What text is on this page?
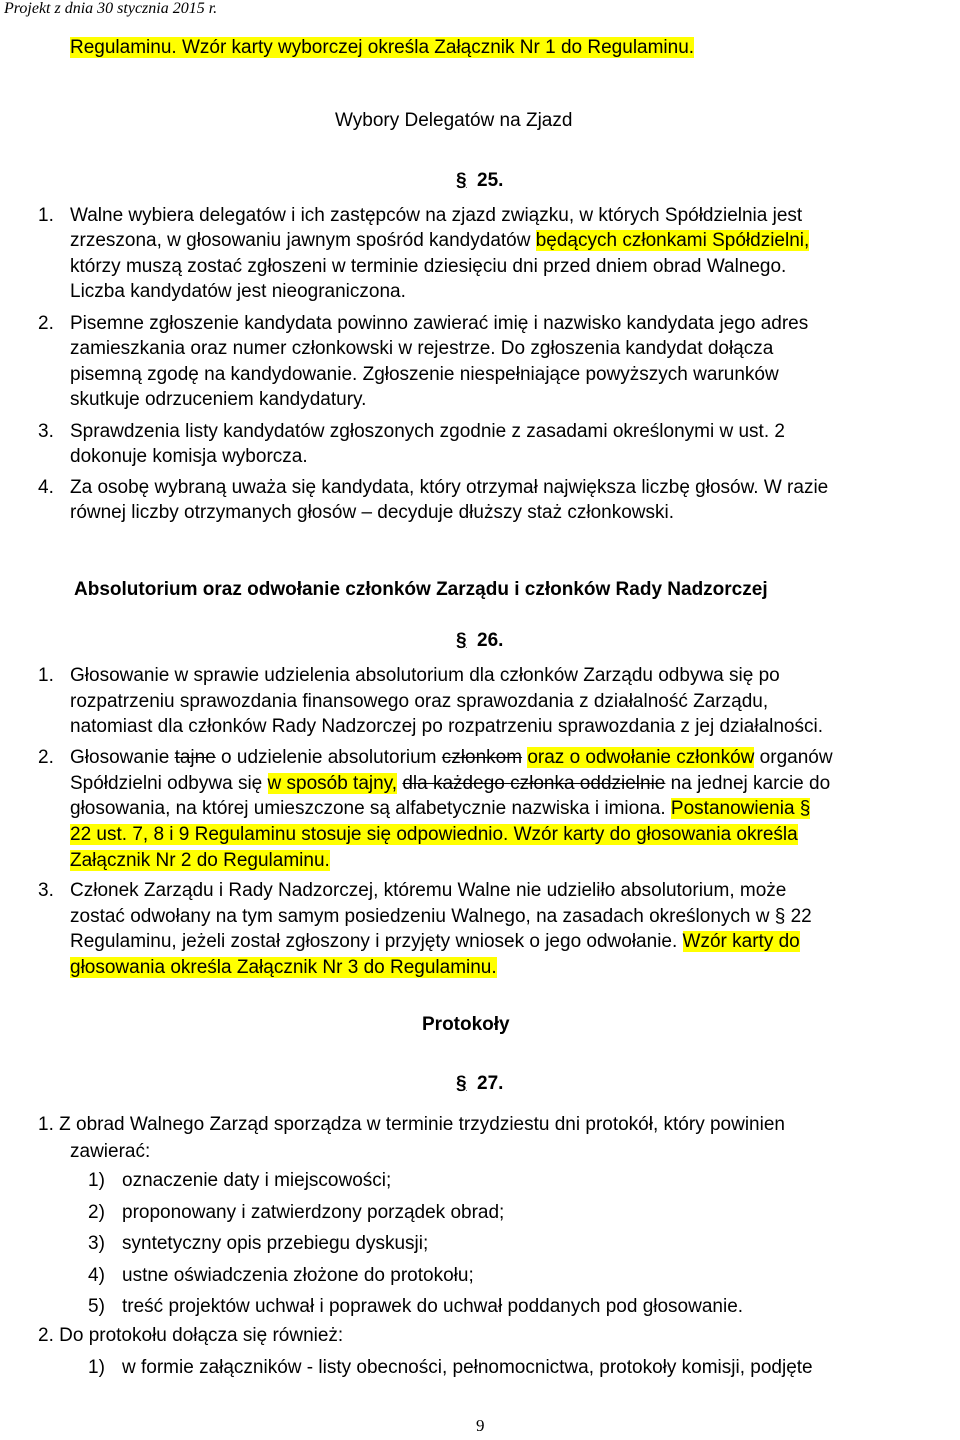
Projekt z dnia 30 stycznia 2015 r.
Regulaminu. Wzór karty wyborczej określa Załącznik Nr 1 do Regulaminu.
Wybory Delegatów na Zjazd
§ 25.
1. Walne wybiera delegatów i ich zastępców na zjazd związku, w których Spółdzielnia jest
zrzeszona, w głosowaniu jawnym spośród kandydatów będących członkami Spółdzielni,
którzy muszą zostać zgłoszeni w terminie dziesięciu dni przed dniem obrad Walnego.
Liczba kandydatów jest nieograniczona.
2. Pisemne zgłoszenie kandydata powinno zawierać imię i nazwisko kandydata jego adres
zamieszkania oraz numer członkowski w rejestrze. Do zgłoszenia kandydat dołącza
pisemną zgodę na kandydowanie. Zgłoszenie niespełniające powyższych warunków
skutkuje odrzuceniem kandydatury.
3. Sprawdzenia listy kandydatów zgłoszonych zgodnie z zasadami określonymi w ust. 2
dokonuje komisja wyborcza.
4. Za osobę wybraną uważa się kandydata, który otrzymał największa liczbę głosów. W razie
równej liczby otrzymanych głosów – decyduje dłuższy staż członkowski.
Absolutorium oraz odwołanie członków Zarządu i członków Rady Nadzorczej
§ 26.
1. Głosowanie w sprawie udzielenia absolutorium dla członków Zarządu odbywa się po
rozpatrzeniu sprawozdania finansowego oraz sprawozdania z działalność Zarządu,
natomiast dla członków Rady Nadzorczej po rozpatrzeniu sprawozdania z jej działalności.
2. Głosowanie tajne o udzielenie absolutorium członkom oraz o odwołanie członków organów
Spółdzielni odbywa się w sposób tajny, dla każdego członka oddzielnie na jednej karcie do
głosowania, na której umieszczone są alfabetycznie nazwiska i imiona. Postanowienia §
22 ust. 7, 8 i 9 Regulaminu stosuje się odpowiednio. Wzór karty do głosowania określa
Załącznik Nr 2 do Regulaminu.
3. Członek Zarządu i Rady Nadzorczej, któremu Walne nie udzieliło absolutorium, może
zostać odwołany na tym samym posiedzeniu Walnego, na zasadach określonych w § 22
Regulaminu, jeżeli został zgłoszony i przyjęty wniosek o jego odwołanie. Wzór karty do
głosowania określa Załącznik Nr 3 do Regulaminu.
Protokoły
§ 27.
1. Z obrad Walnego Zarząd sporządza w terminie trzydziestu dni protokół, który powinien
zawierać:
1) oznaczenie daty i miejscowości;
2) proponowany i zatwierdzony porządek obrad;
3) syntetyczny opis przebiegu dyskusji;
4) ustne oświadczenia złożone do protokołu;
5) treść projektów uchwał i poprawek do uchwał poddanych pod głosowanie.
2. Do protokołu dołącza się również:
1) w formie załączników - listy obecności, pełnomocnictwa, protokoły komisji, podjęte
9
